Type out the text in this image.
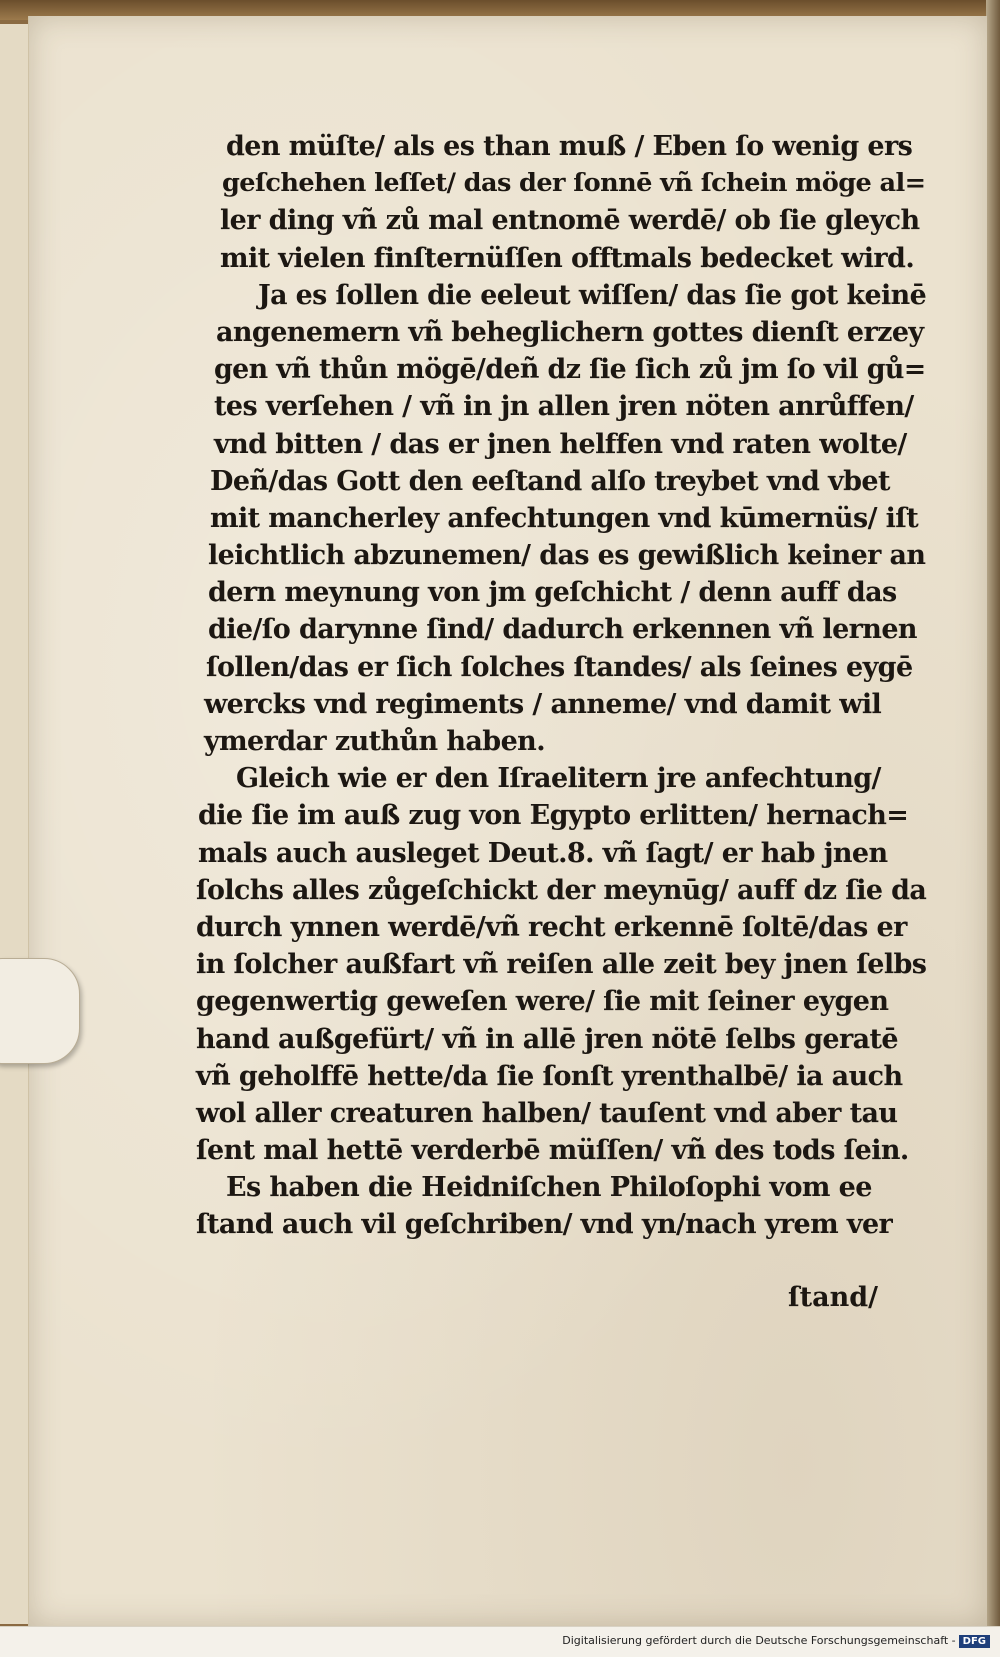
den müſte/ als es than muß / Eben ſo wenig ers
geſchehen leſſet/ das der ſonnē vñ ſchein möge al=
ler ding vñ zů mal entnomē werdē/ ob ſie gleych
mit vielen finſternüſſen offtmals bedecket wird.
Ja es ſollen die eeleut wiſſen/ das ſie got keinē
angenemern vñ beheglichern gottes dienſt erzey
gen vñ thůn mögē/deñ dz ſie ſich zů jm ſo vil gů=
tes verſehen / vñ in jn allen jren nöten anrůffen/
vnd bitten / das er jnen helffen vnd raten wolte/
Deñ/das Gott den eeſtand alſo treybet vnd vbet
mit mancherley anfechtungen vnd kūmernüs/ iſt
leichtlich abzunemen/ das es gewißlich keiner an
dern meynung von jm geſchicht / denn auff das
die/ſo darynne ſind/ dadurch erkennen vñ lernen
ſollen/das er ſich ſolches ſtandes/ als ſeines eygē
wercks vnd regiments / anneme/ vnd damit wil
ymerdar zuthůn haben.
Gleich wie er den Iſraelitern jre anfechtung/
die ſie im auß zug von Egypto erlitten/ hernach=
mals auch ausleget Deut.8. vñ ſagt/ er hab jnen
ſolchs alles zůgeſchickt der meynūg/ auff dz ſie da
durch ynnen werdē/vñ recht erkennē ſoltē/das er
in ſolcher außfart vñ reiſen alle zeit bey jnen ſelbs
gegenwertig geweſen were/ ſie mit ſeiner eygen
hand außgefürt/ vñ in allē jren nötē ſelbs geratē
vñ geholffē hette/da ſie ſonſt yrenthalbē/ ia auch
wol aller creaturen halben/ tauſent vnd aber tau
ſent mal hettē verderbē müſſen/ vñ des tods ſein.
Es haben die Heidniſchen Philoſophi vom ee
ſtand auch vil geſchriben/ vnd yn/nach yrem ver
ſtand/
Digitalisierung gefördert durch die Deutsche Forschungsgemeinschaft - DFG
